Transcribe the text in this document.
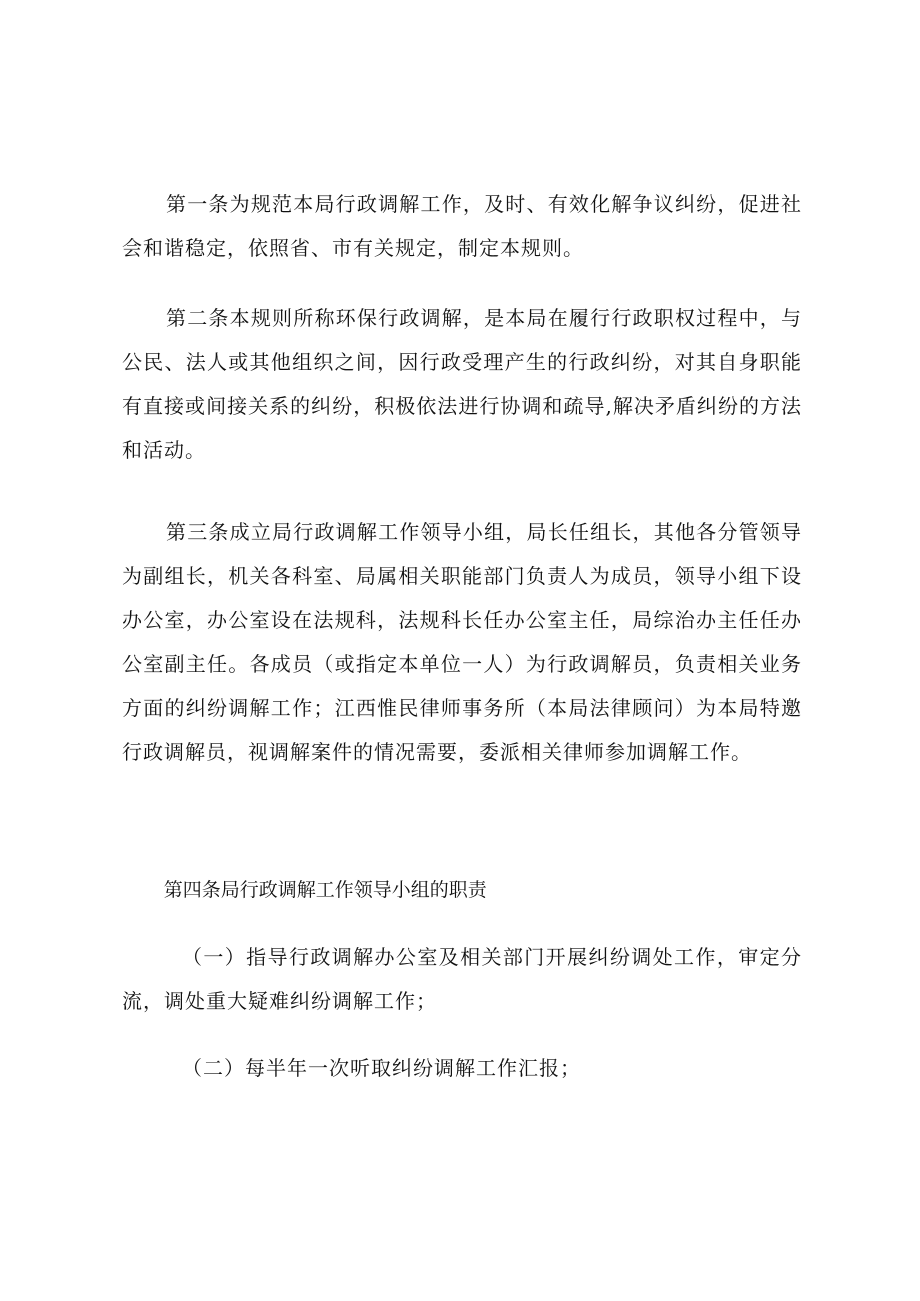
第一条为规范本局行政调解工作，及时、有效化解争议纠纷，促进社会和谐稳定，依照省、市有关规定，制定本规则。

第二条本规则所称环保行政调解，是本局在履行行政职权过程中，与公民、法人或其他组织之间，因行政受理产生的行政纠纷，对其自身职能有直接或间接关系的纠纷，积极依法进行协调和疏导,解决矛盾纠纷的方法和活动。

第三条成立局行政调解工作领导小组，局长任组长，其他各分管领导为副组长，机关各科室、局属相关职能部门负责人为成员，领导小组下设办公室，办公室设在法规科，法规科长任办公室主任，局综治办主任任办公室副主任。各成员（或指定本单位一人）为行政调解员，负责相关业务方面的纠纷调解工作；江西惟民律师事务所（本局法律顾问）为本局特邀行政调解员，视调解案件的情况需要，委派相关律师参加调解工作。

第四条局行政调解工作领导小组的职责

（一）指导行政调解办公室及相关部门开展纠纷调处工作，审定分流，调处重大疑难纠纷调解工作；

（二）每半年一次听取纠纷调解工作汇报；
